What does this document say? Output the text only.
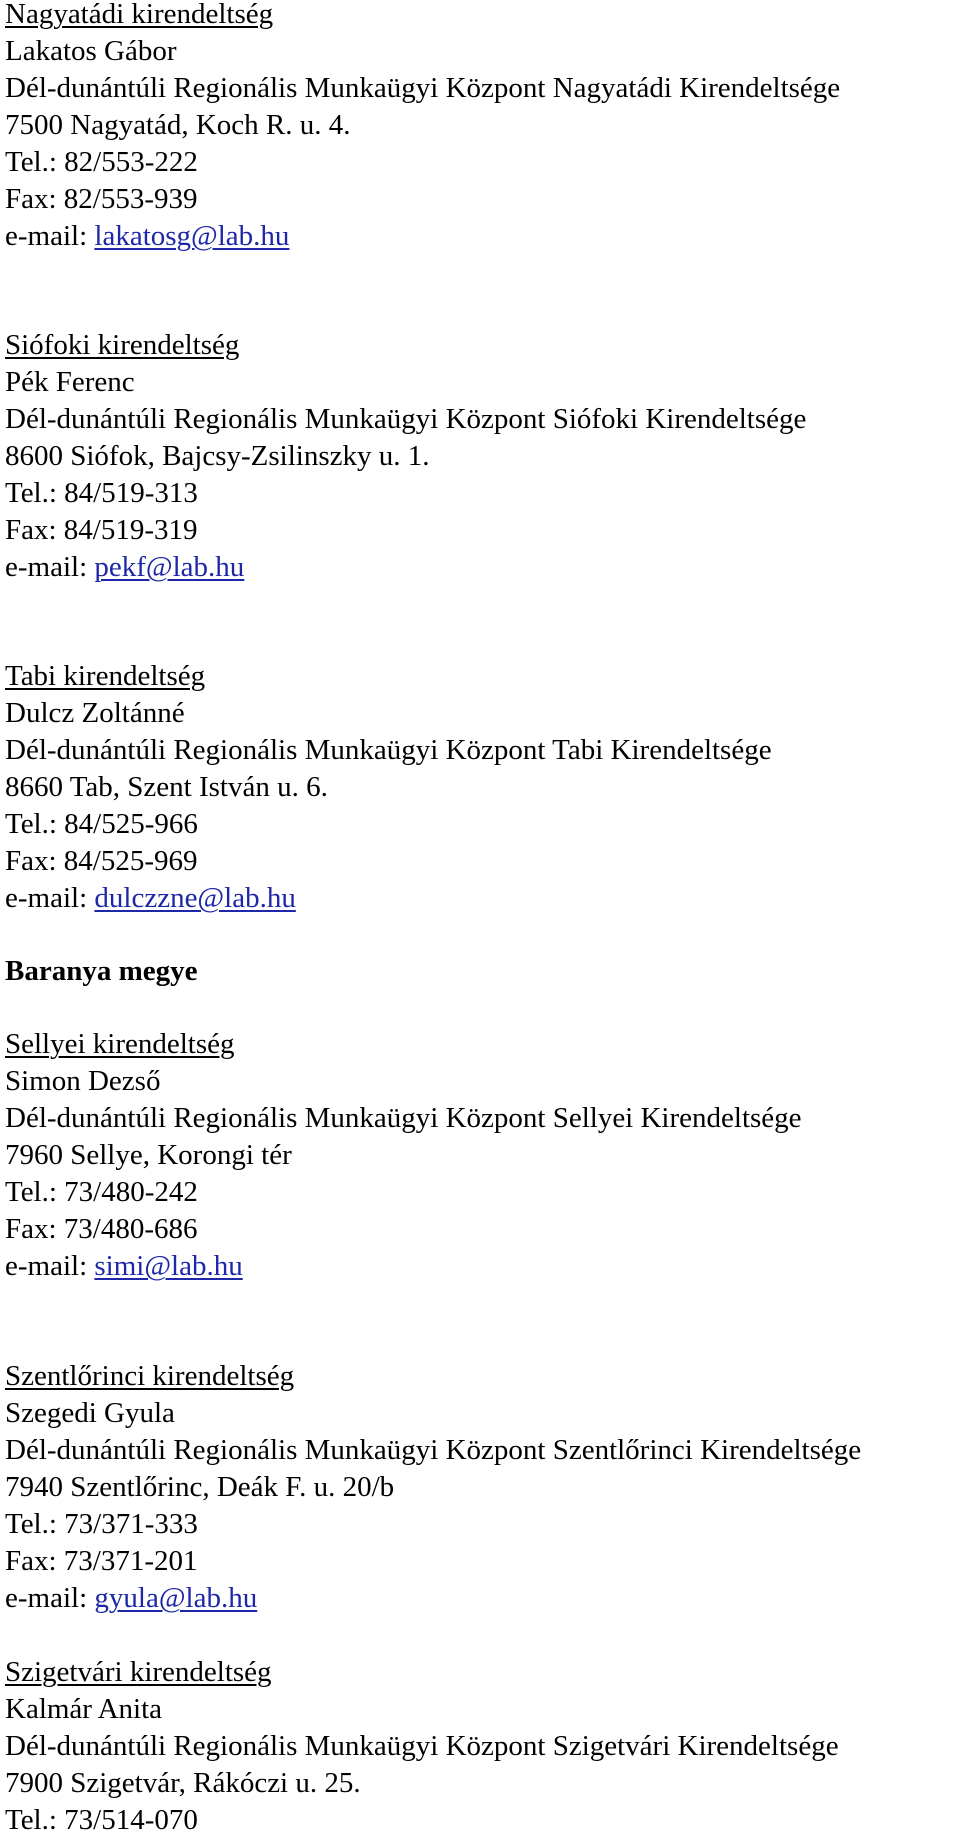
Nagyatádi kirendeltség
Lakatos Gábor
Dél-dunántúli Regionális Munkaügyi Központ Nagyatádi Kirendeltsége
7500 Nagyatád, Koch R. u. 4.
Tel.: 82/553-222
Fax: 82/553-939
e-mail: lakatosg@lab.hu
Siófoki kirendeltség
Pék Ferenc
Dél-dunántúli Regionális Munkaügyi Központ Siófoki Kirendeltsége
8600 Siófok, Bajcsy-Zsilinszky u. 1.
Tel.: 84/519-313
Fax: 84/519-319
e-mail: pekf@lab.hu
Tabi kirendeltség
Dulcz Zoltánné
Dél-dunántúli Regionális Munkaügyi Központ Tabi Kirendeltsége
8660 Tab, Szent István u. 6.
Tel.: 84/525-966
Fax: 84/525-969
e-mail: dulczzne@lab.hu
Baranya megye
Sellyei kirendeltség
Simon Dezső
Dél-dunántúli Regionális Munkaügyi Központ Sellyei Kirendeltsége
7960 Sellye, Korongi tér
Tel.: 73/480-242
Fax: 73/480-686
e-mail: simi@lab.hu
Szentlőrinci kirendeltség
Szegedi Gyula
Dél-dunántúli Regionális Munkaügyi Központ Szentlőrinci Kirendeltsége
7940 Szentlőrinc, Deák F. u. 20/b
Tel.: 73/371-333
Fax: 73/371-201
e-mail: gyula@lab.hu
Szigetvári kirendeltség
Kalmár Anita
Dél-dunántúli Regionális Munkaügyi Központ Szigetvári Kirendeltsége
7900 Szigetvár, Rákóczi u. 25.
Tel.: 73/514-070
